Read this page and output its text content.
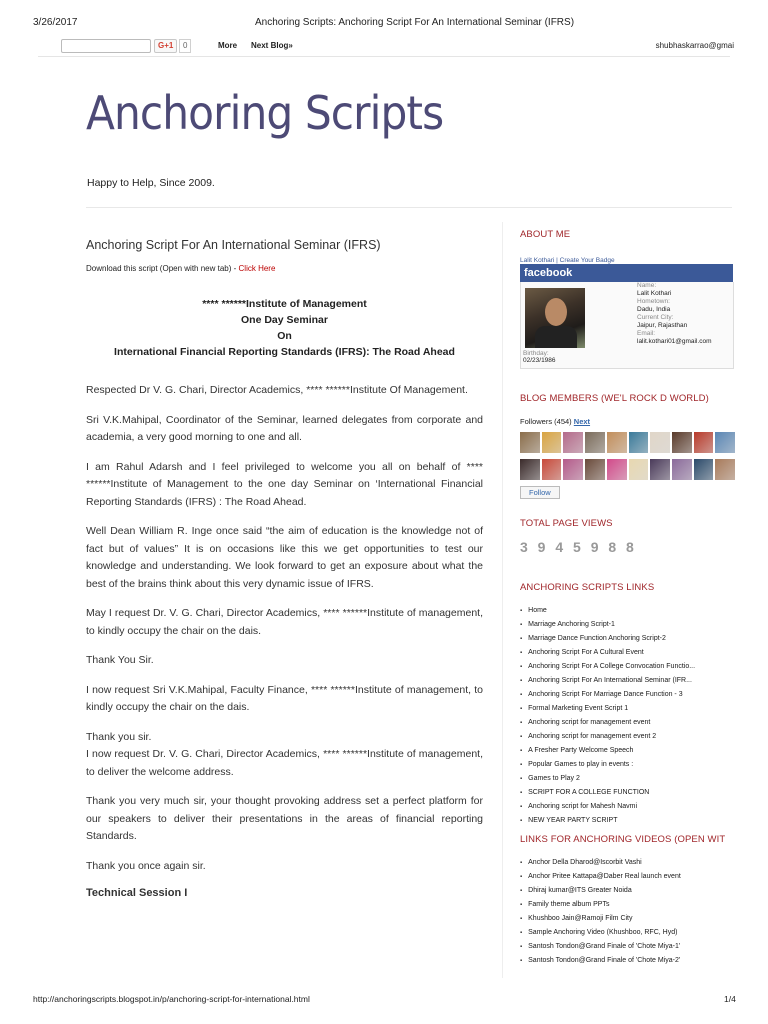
3/26/2017	Anchoring Scripts: Anchoring Script For An International Seminar (IFRS)
G+1	0	More Next Blog»	shubhaskarrao@gmai
Anchoring Scripts
Happy to Help, Since 2009.
Anchoring Script For An International Seminar (IFRS)
Download this script (Open with new tab) - Click Here
**** ******Institute of Management
One Day Seminar
On
International Financial Reporting Standards (IFRS): The Road Ahead

Respected Dr V. G. Chari, Director Academics, **** ******Institute Of Management.

Sri V.K.Mahipal, Coordinator of the Seminar, learned delegates from corporate and academia, a very good morning to one and all.

I am Rahul Adarsh and I feel privileged to welcome you all on behalf of **** ******Institute of Management to the one day Seminar on ‘International Financial Reporting Standards (IFRS) : The Road Ahead.

Well Dean William R. Inge once said “the aim of education is the knowledge not of fact but of values” It is on occasions like this we get opportunities to test our knowledge and understanding. We look forward to get an exposure about what the best of the brains think about this very dynamic issue of IFRS.

May I request Dr. V. G. Chari, Director Academics, **** ******Institute of management, to kindly occupy the chair on the dais.

Thank You Sir.

I now request Sri V.K.Mahipal, Faculty Finance, **** ******Institute of management, to kindly occupy the chair on the dais.

Thank you sir.

I now request Dr. V. G. Chari, Director Academics, **** ******Institute of management, to deliver the welcome address.

Thank you very much sir, your thought provoking address set a perfect platform for our speakers to deliver their presentations in the areas of financial reporting Standards.

Thank you once again sir.

Technical Session I
ABOUT ME
Lalit Kothari | Create Your Badge
facebook
Name:
Lalit Kothari
Hometown:
Dadu, India
Current City:
Jaipur, Rajasthan
Email:
lalit.kothari01@gmail.com
Birthday:
02/23/1986
BLOG MEMBERS (WE'L ROCK D WORLD)
Followers (454) Next
Follow
TOTAL PAGE VIEWS
3 9 4 5 9 8 8
ANCHORING SCRIPTS LINKS
▪ Home
▪ Marriage Anchoring Script-1
▪ Marriage Dance Function Anchoring Script-2
▪ Anchoring Script For A Cultural Event
▪ Anchoring Script For A College Convocation Functio...
▪ Anchoring Script For An International Seminar (IFR...
▪ Anchoring Script For Marriage Dance Function - 3
▪ Formal Marketing Event Script 1
▪ Anchoring script for management event
▪ Anchoring script for management event 2
▪ A Fresher Party Welcome Speech
▪ Popular Games to play in events :
▪ Games to Play 2
▪ SCRIPT FOR A COLLEGE FUNCTION
▪ Anchoring script for Mahesh Navmi
▪ NEW YEAR PARTY SCRIPT
LINKS FOR ANCHORING VIDEOS (OPEN WIT
▪ Anchor Della Dharod@Iscorbit Vashi
▪ Anchor Pritee Kattapa@Daber Real launch event
▪ Dhiraj kumar@ITS Greater Noida
▪ Family theme album PPTs
▪ Khushboo Jain@Ramoji Film City
▪ Sample Anchoring Video (Khushboo, RFC, Hyd)
▪ Santosh Tondon@Grand Finale of 'Chote Miya-1'
▪ Santosh Tondon@Grand Finale of 'Chote Miya-2'
http://anchoringscripts.blogspot.in/p/anchoring-script-for-international.html	1/4
